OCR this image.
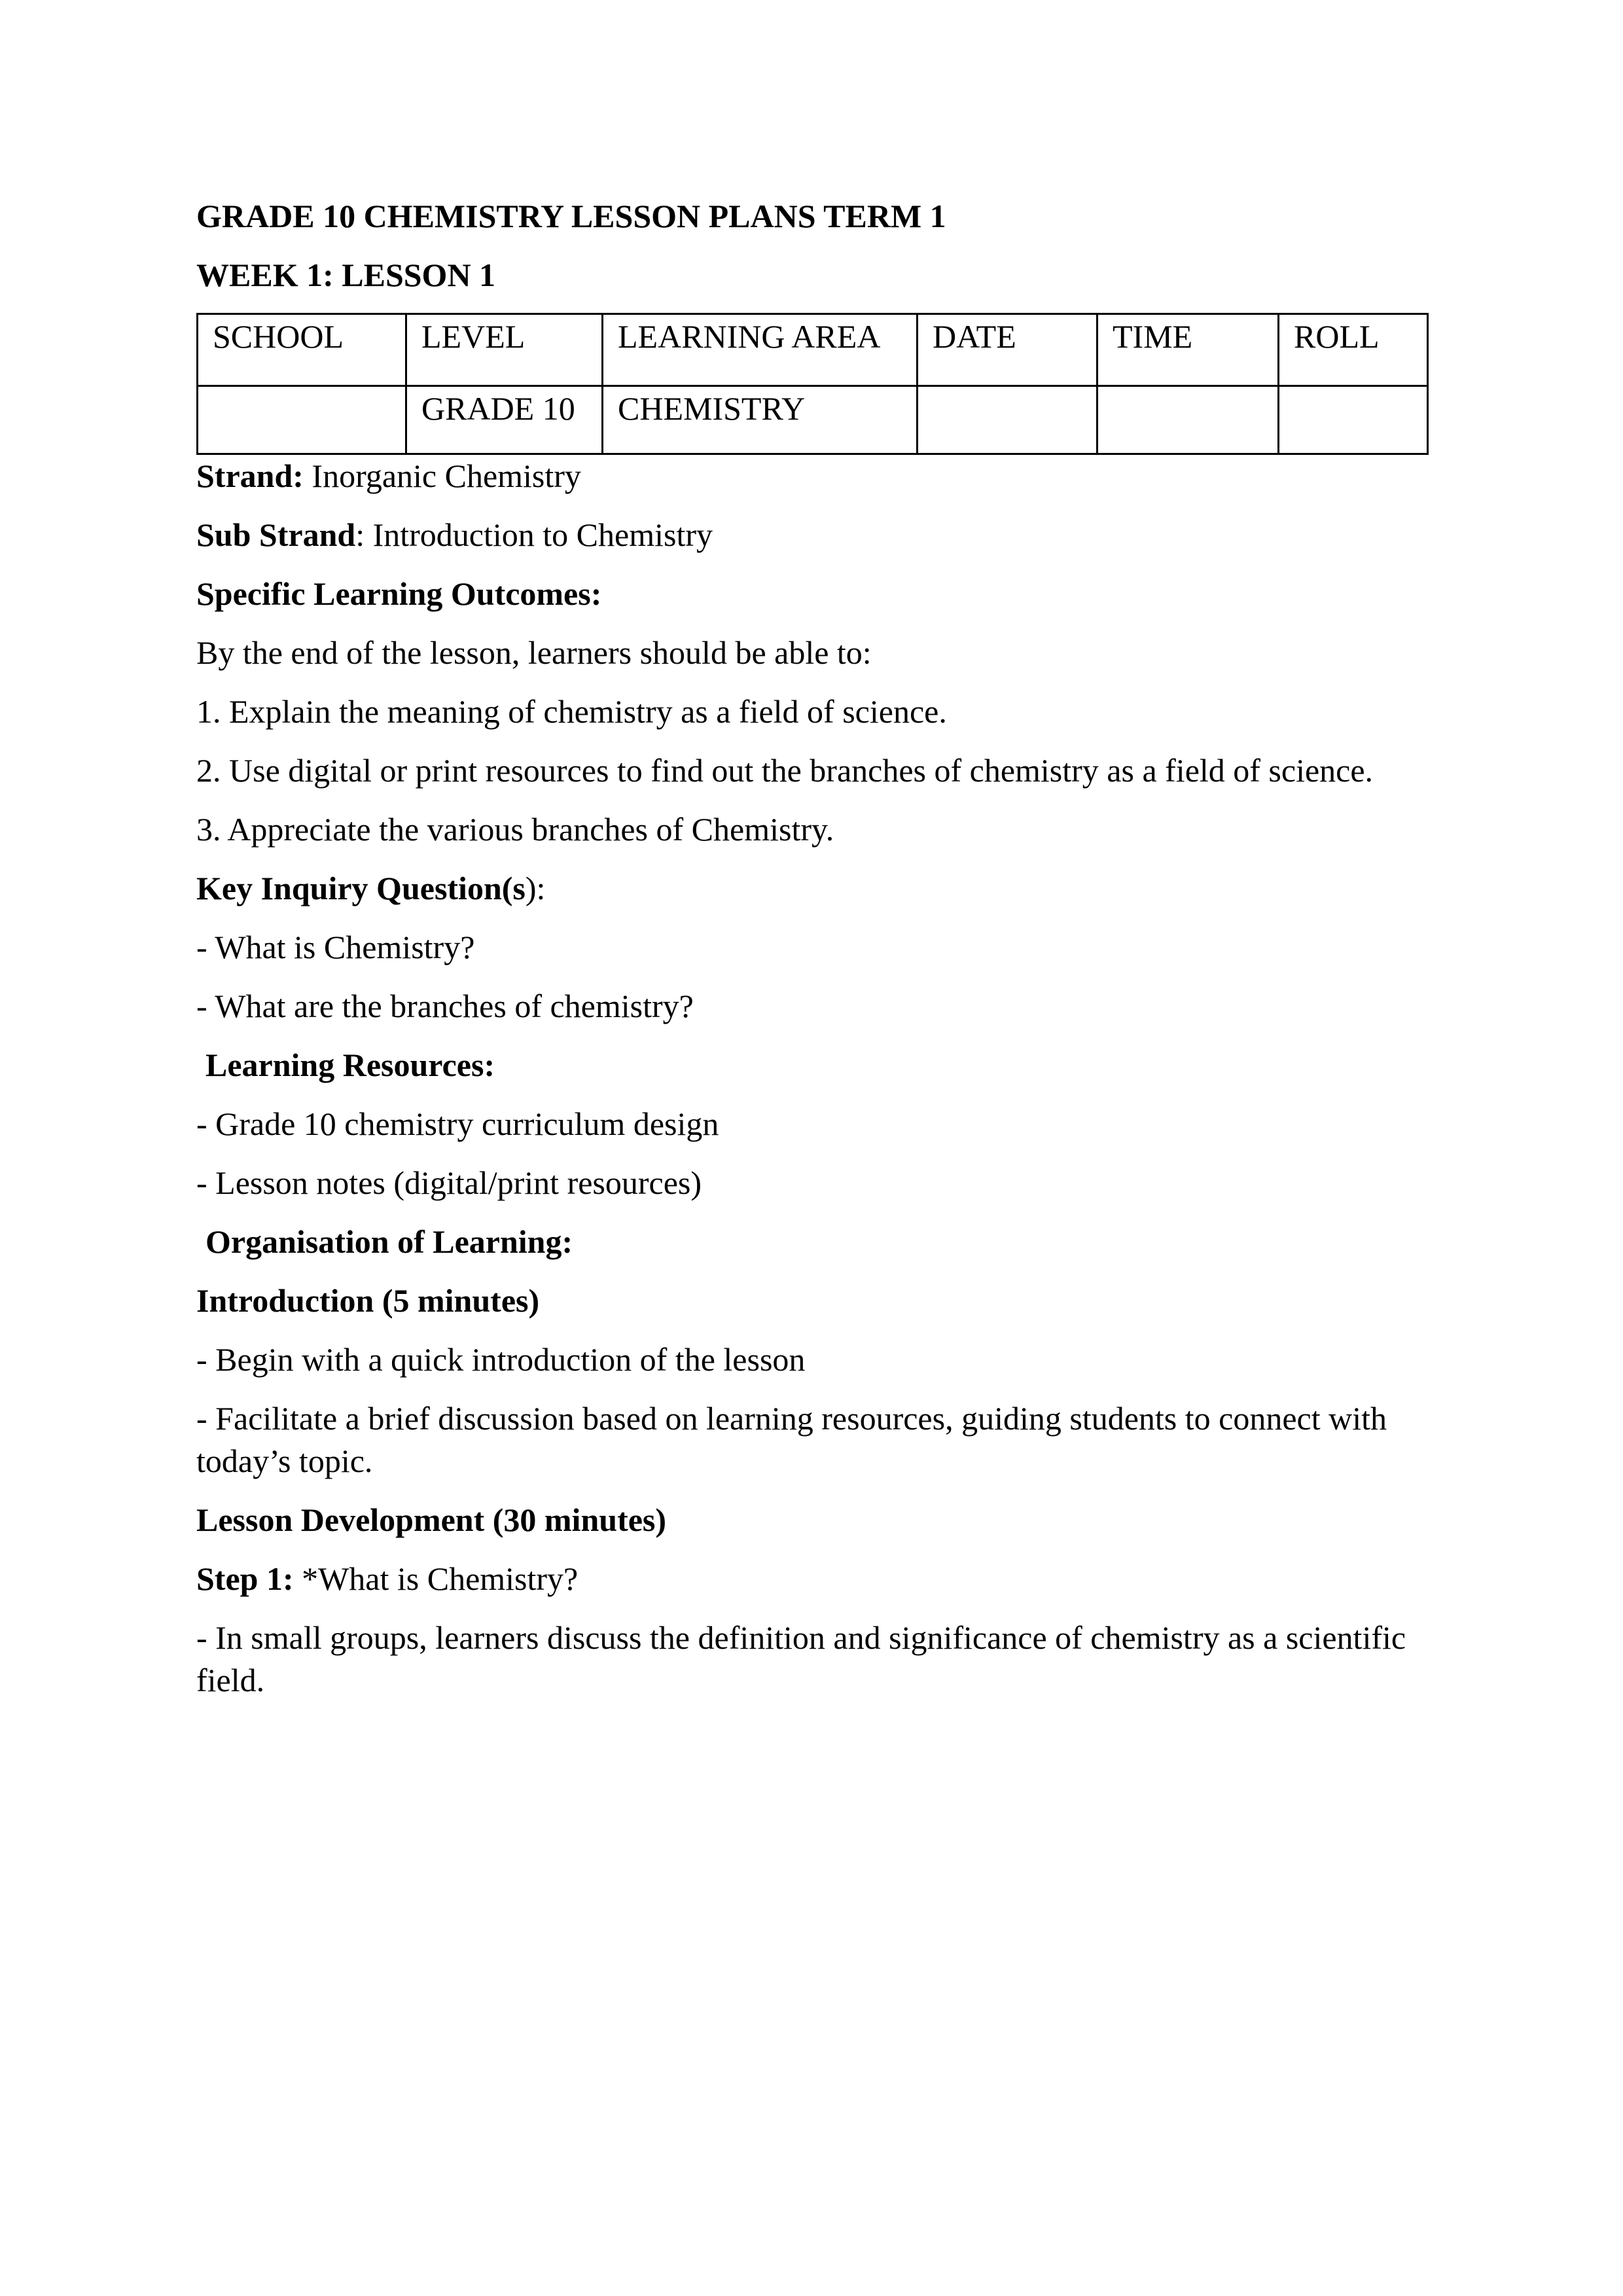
GRADE 10 CHEMISTRY LESSON PLANS TERM 1

WEEK 1: LESSON 1

SCHOOL	LEVEL	LEARNING AREA	DATE	TIME	ROLL
	GRADE 10	CHEMISTRY			

Strand: Inorganic Chemistry

Sub Strand: Introduction to Chemistry

Specific Learning Outcomes:

By the end of the lesson, learners should be able to:

1. Explain the meaning of chemistry as a field of science.

2. Use digital or print resources to find out the branches of chemistry as a field of science.

3. Appreciate the various branches of Chemistry.

Key Inquiry Question(s):

- What is Chemistry?

- What are the branches of chemistry?

Learning Resources:

- Grade 10 chemistry curriculum design

- Lesson notes (digital/print resources)

Organisation of Learning:

Introduction (5 minutes)

- Begin with a quick introduction of the lesson

- Facilitate a brief discussion based on learning resources, guiding students to connect with today’s topic.

Lesson Development (30 minutes)

Step 1: *What is Chemistry?

- In small groups, learners discuss the definition and significance of chemistry as a scientific field.
